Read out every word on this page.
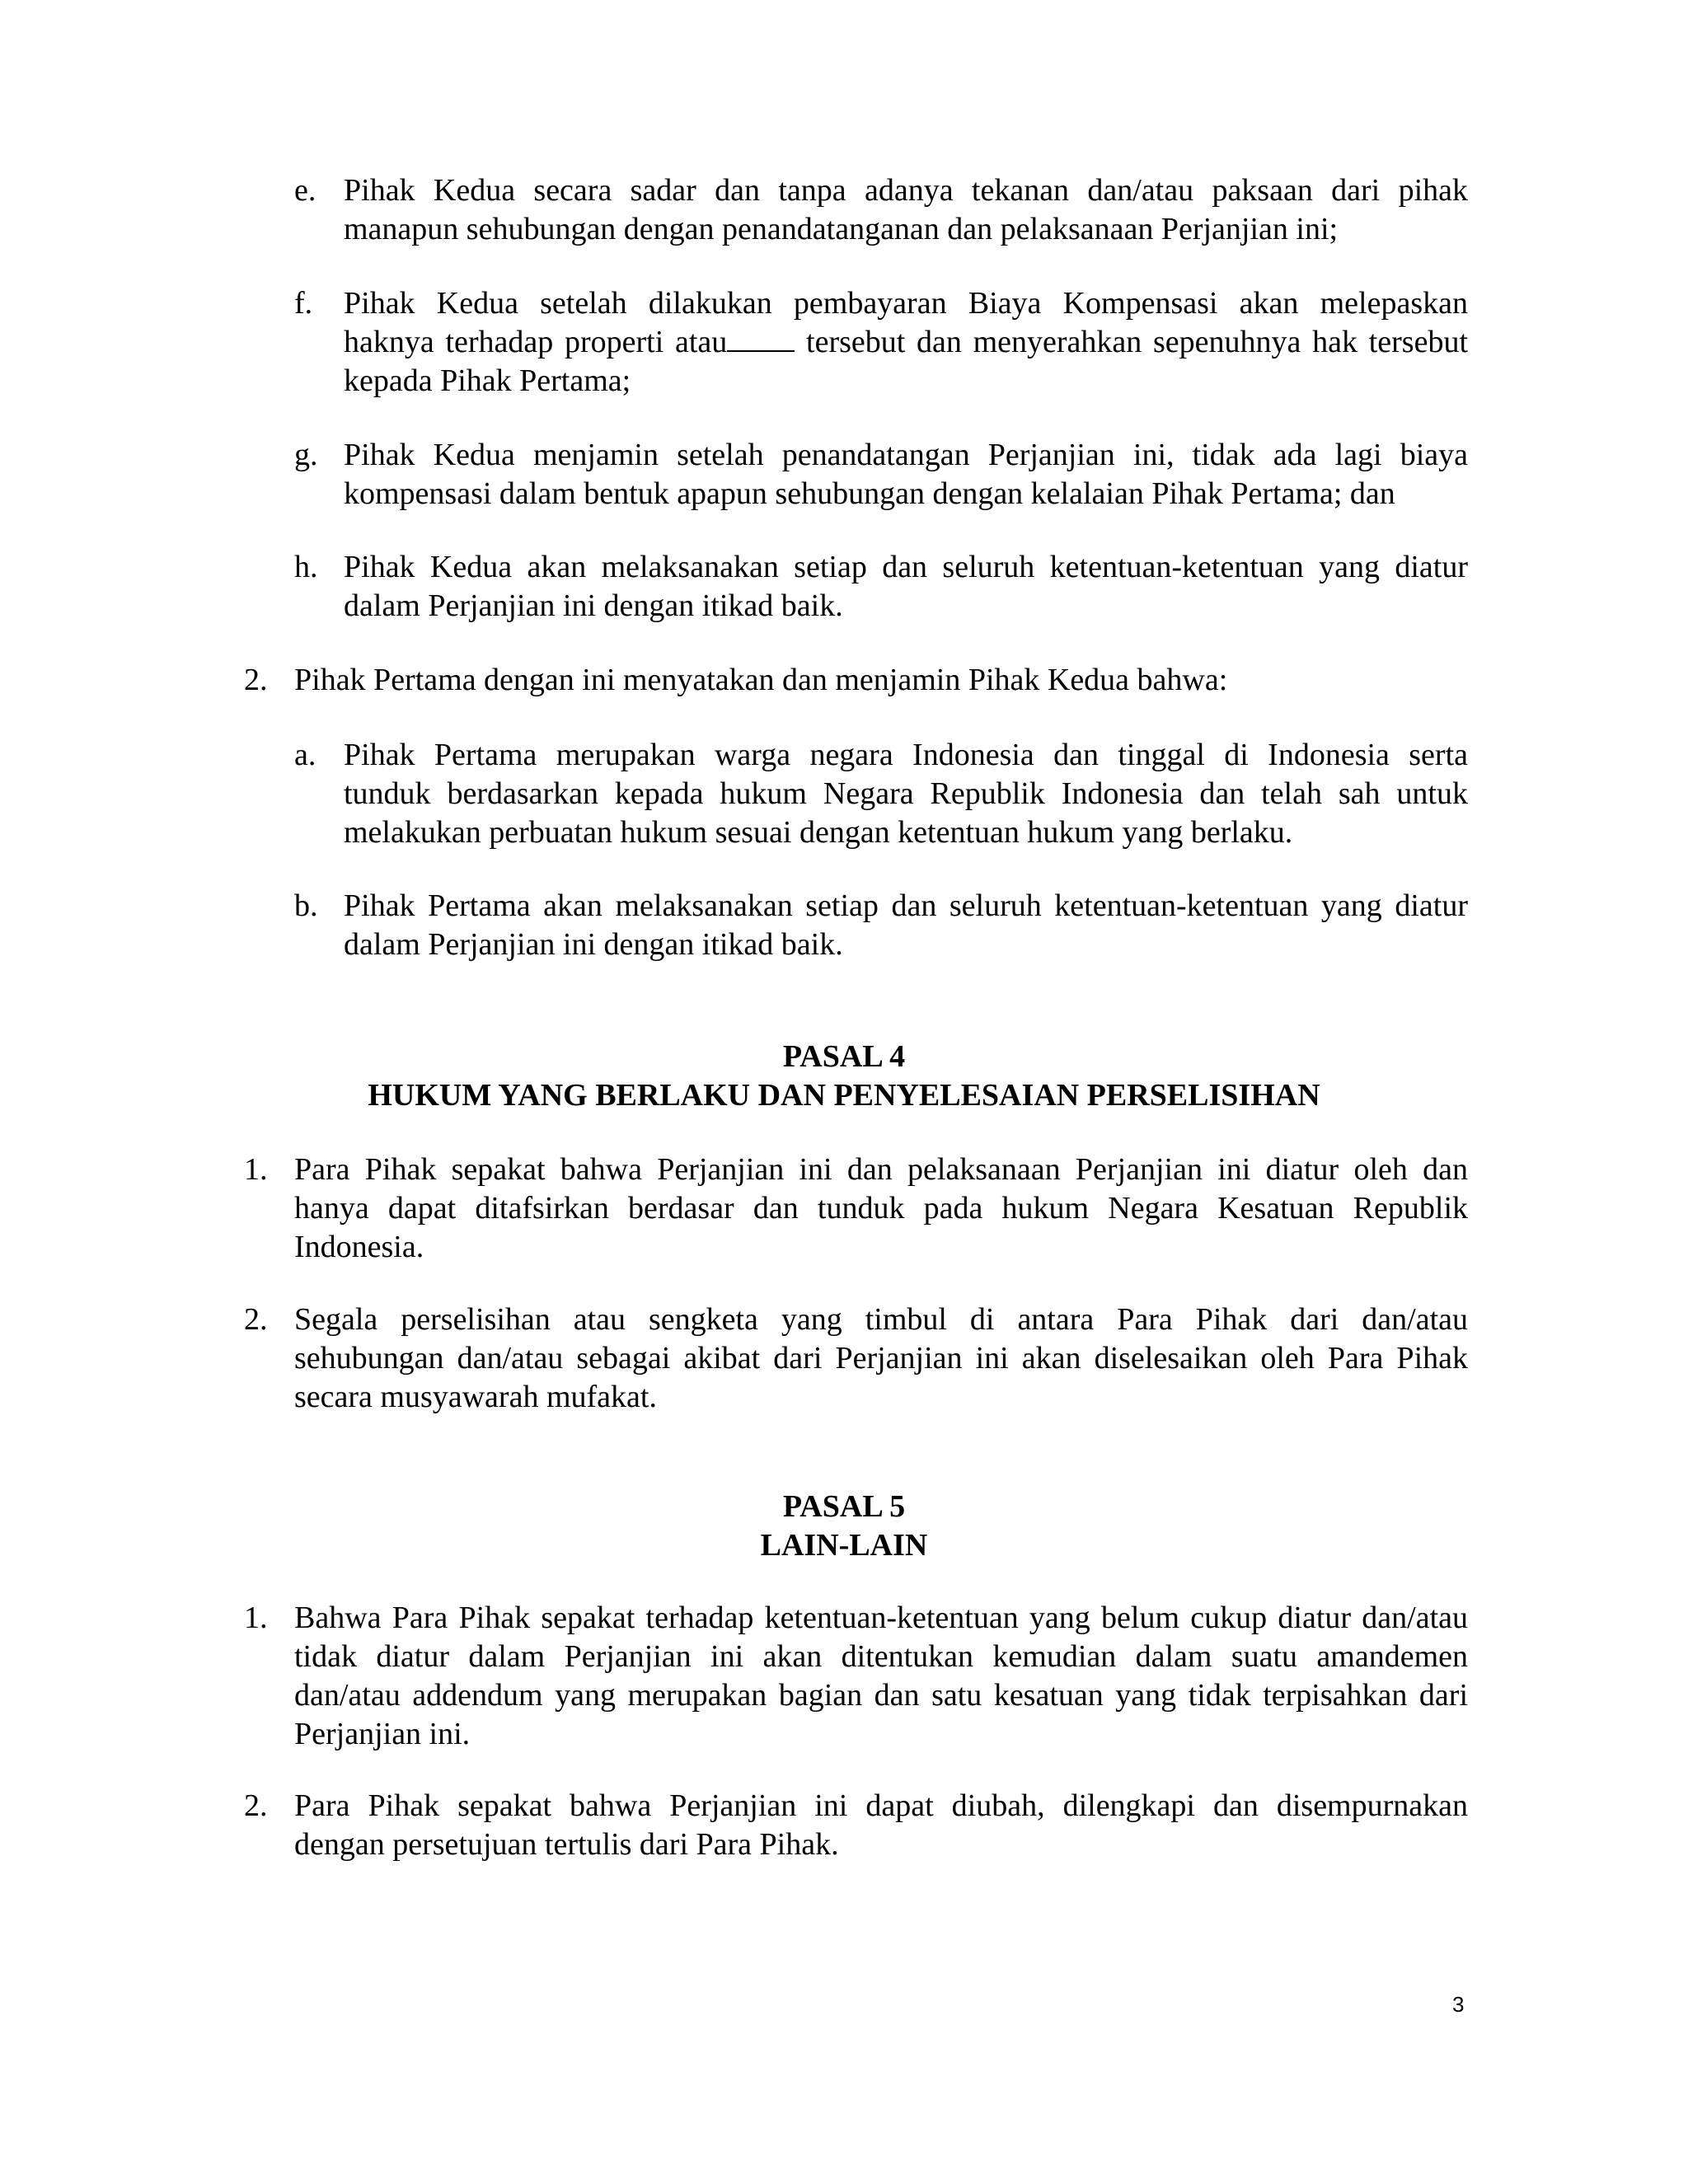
e. Pihak Kedua secara sadar dan tanpa adanya tekanan dan/atau paksaan dari pihak
manapun sehubungan dengan penandatanganan dan pelaksanaan Perjanjian ini;
f. Pihak Kedua setelah dilakukan pembayaran Biaya Kompensasi akan melepaskan
haknya terhadap properti atau tersebut dan menyerahkan sepenuhnya hak tersebut
kepada Pihak Pertama;
g. Pihak Kedua menjamin setelah penandatangan Perjanjian ini, tidak ada lagi biaya
kompensasi dalam bentuk apapun sehubungan dengan kelalaian Pihak Pertama; dan
h. Pihak Kedua akan melaksanakan setiap dan seluruh ketentuan-ketentuan yang diatur
dalam Perjanjian ini dengan itikad baik.
2. Pihak Pertama dengan ini menyatakan dan menjamin Pihak Kedua bahwa:
a. Pihak Pertama merupakan warga negara Indonesia dan tinggal di Indonesia serta
tunduk berdasarkan kepada hukum Negara Republik Indonesia dan telah sah untuk
melakukan perbuatan hukum sesuai dengan ketentuan hukum yang berlaku.
b. Pihak Pertama akan melaksanakan setiap dan seluruh ketentuan-ketentuan yang diatur
dalam Perjanjian ini dengan itikad baik.
PASAL 4
HUKUM YANG BERLAKU DAN PENYELESAIAN PERSELISIHAN
1. Para Pihak sepakat bahwa Perjanjian ini dan pelaksanaan Perjanjian ini diatur oleh dan
hanya dapat ditafsirkan berdasar dan tunduk pada hukum Negara Kesatuan Republik
Indonesia.
2. Segala perselisihan atau sengketa yang timbul di antara Para Pihak dari dan/atau
sehubungan dan/atau sebagai akibat dari Perjanjian ini akan diselesaikan oleh Para Pihak
secara musyawarah mufakat.
PASAL 5
LAIN-LAIN
1. Bahwa Para Pihak sepakat terhadap ketentuan-ketentuan yang belum cukup diatur dan/atau
tidak diatur dalam Perjanjian ini akan ditentukan kemudian dalam suatu amandemen
dan/atau addendum yang merupakan bagian dan satu kesatuan yang tidak terpisahkan dari
Perjanjian ini.
2. Para Pihak sepakat bahwa Perjanjian ini dapat diubah, dilengkapi dan disempurnakan
dengan persetujuan tertulis dari Para Pihak.
3
